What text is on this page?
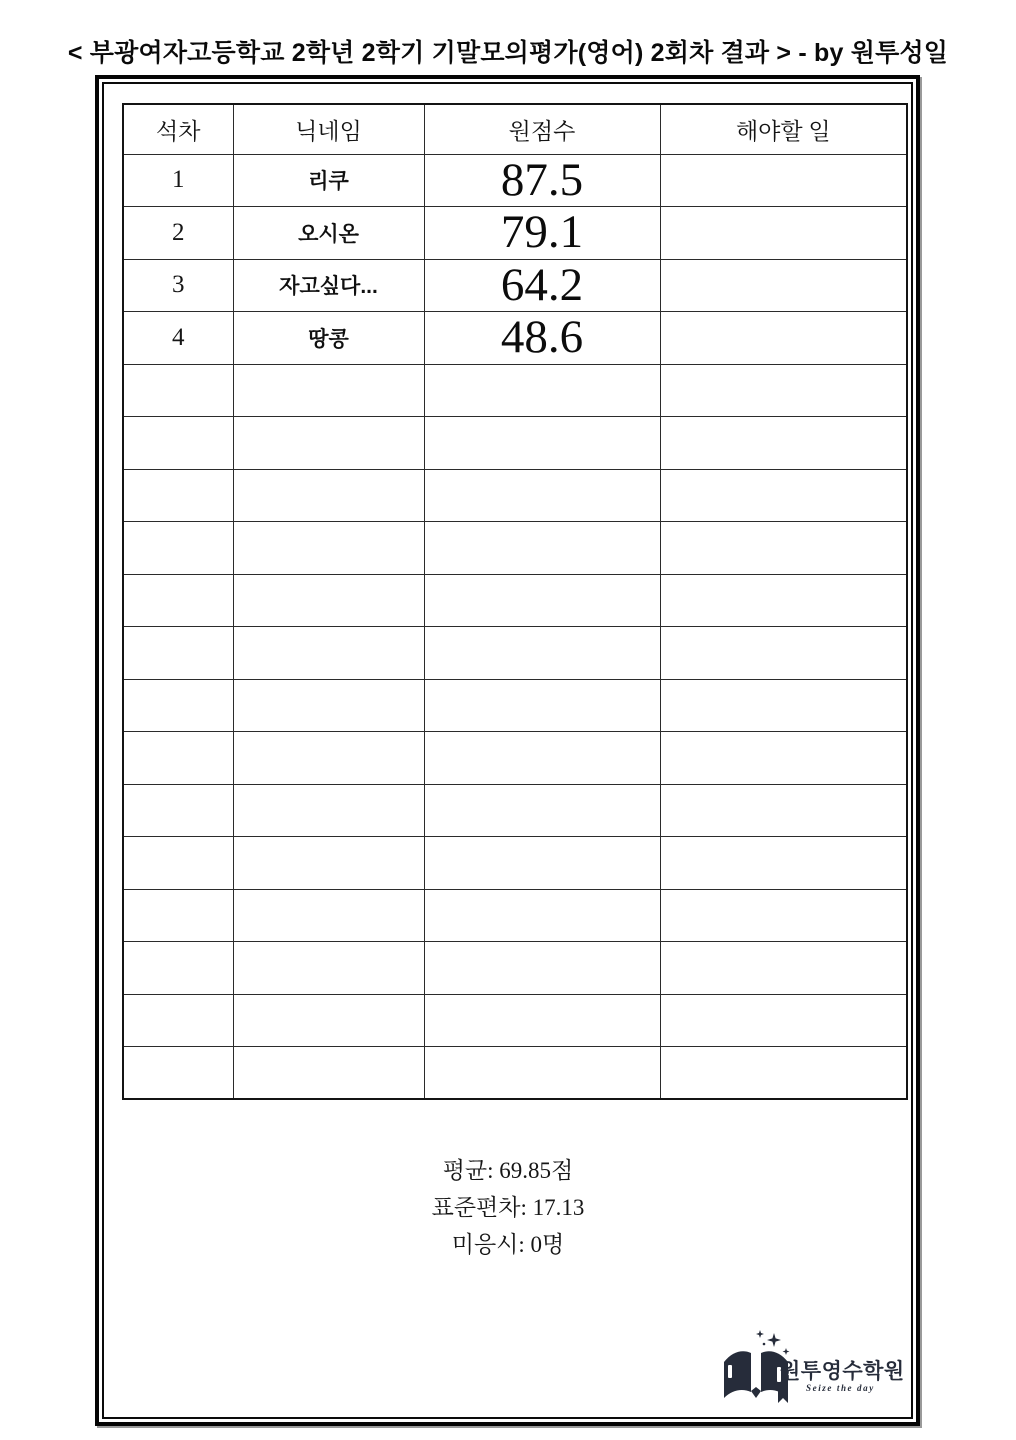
< 부광여자고등학교 2학년 2학기 기말모의평가(영어) 2회차 결과 > - by 원투성일
석차	닉네임	원점수	해야할 일
1	리쿠	87.5	
2	오시온	79.1	
3	자고싶다...	64.2	
4	땅콩	48.6	

평균: 69.85점
표준편차: 17.13
미응시: 0명
원투영수학원
Seize the day
